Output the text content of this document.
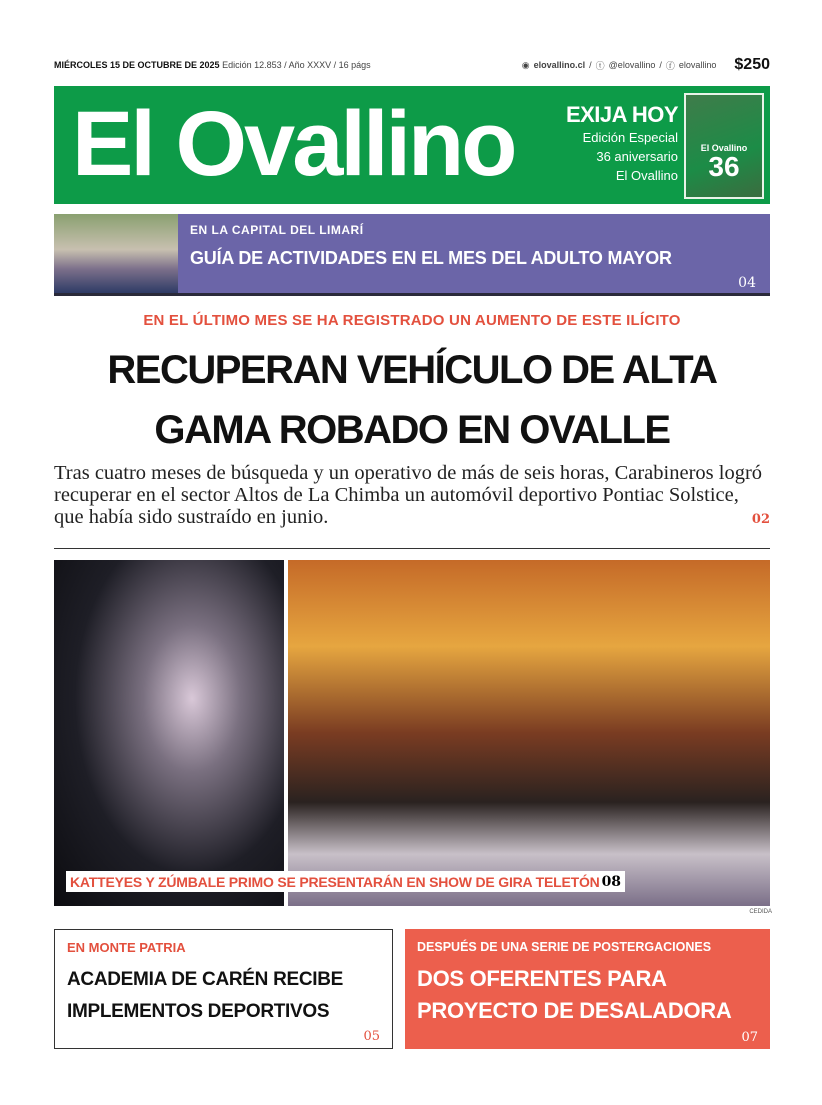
MIÉRCOLES 15 DE OCTUBRE DE 2025 Edición 12.853 / Año XXXV / 16 págs	◉ elovallino.cl / ⓣ @elovallino / ⓕ elovallino $250
El Ovallino EXIJA HOY
Edición Especial
36 aniversario
El Ovallino
El Ovallino
36
EN LA CAPITAL DEL LIMARÍ
GUÍA DE ACTIVIDADES EN EL MES DEL ADULTO MAYOR
04
EN EL ÚLTIMO MES SE HA REGISTRADO UN AUMENTO DE ESTE ILÍCITO
RECUPERAN VEHÍCULO DE ALTA
GAMA ROBADO EN OVALLE
Tras cuatro meses de búsqueda y un operativo de más de seis horas, Carabineros logró recuperar en el sector Altos de La Chimba un automóvil deportivo Pontiac Solstice, que había sido sustraído en junio.	02
KATTEYES Y ZÚMBALE PRIMO SE PRESENTARÁN EN SHOW DE GIRA TELETÓN 08
CEDIDA
EN MONTE PATRIA
ACADEMIA DE CARÉN RECIBE
IMPLEMENTOS DEPORTIVOS
05
DESPUÉS DE UNA SERIE DE POSTERGACIONES
DOS OFERENTES PARA
PROYECTO DE DESALADORA
07
